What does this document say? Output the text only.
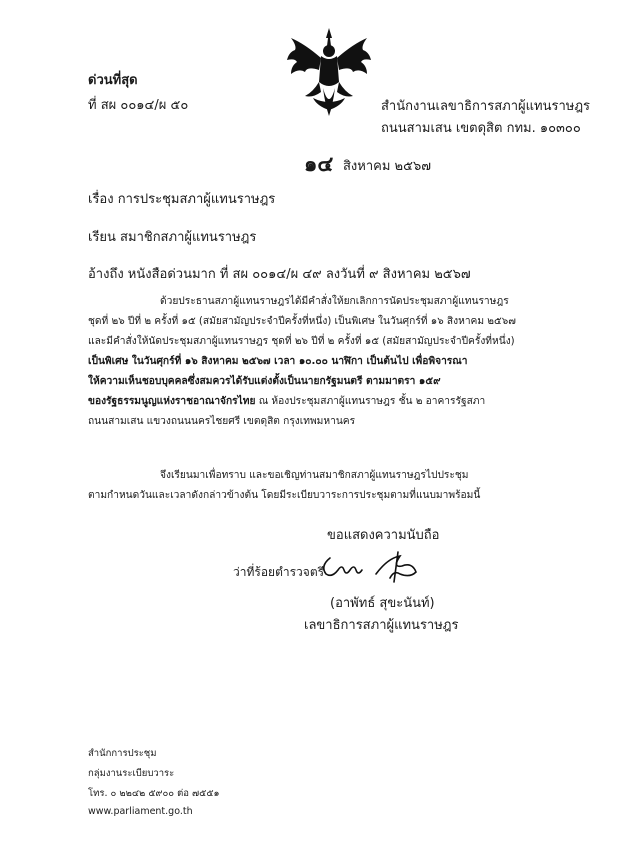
ด่วนที่สุด
ที่ สผ ๐๐๑๔/ผ ๕๐	สำนักงานเลขาธิการสภาผู้แทนราษฎร
ถนนสามเสน เขตดุสิต กทม. ๑๐๓๐๐
๑๔ สิงหาคม ๒๕๖๗
เรื่อง การประชุมสภาผู้แทนราษฎร
เรียน สมาชิกสภาผู้แทนราษฎร
อ้างถึง หนังสือด่วนมาก ที่ สผ ๐๐๑๔/ผ ๔๙ ลงวันที่ ๙ สิงหาคม ๒๕๖๗
ด้วยประธานสภาผู้แทนราษฎรได้มีคำสั่งให้ยกเลิกการนัดประชุมสภาผู้แทนราษฎร
ชุดที่ ๒๖ ปีที่ ๒ ครั้งที่ ๑๕ (สมัยสามัญประจำปีครั้งที่หนึ่ง) เป็นพิเศษ ในวันศุกร์ที่ ๑๖ สิงหาคม ๒๕๖๗
และมีคำสั่งให้นัดประชุมสภาผู้แทนราษฎร ชุดที่ ๒๖ ปีที่ ๒ ครั้งที่ ๑๕ (สมัยสามัญประจำปีครั้งที่หนึ่ง)
เป็นพิเศษ ในวันศุกร์ที่ ๑๖ สิงหาคม ๒๕๖๗ เวลา ๑๐.๐๐ นาฬิกา เป็นต้นไป เพื่อพิจารณา
ให้ความเห็นชอบบุคคลซึ่งสมควรได้รับแต่งตั้งเป็นนายกรัฐมนตรี ตามมาตรา ๑๕๙
ของรัฐธรรมนูญแห่งราชอาณาจักรไทย ณ ห้องประชุมสภาผู้แทนราษฎร ชั้น ๒ อาคารรัฐสภา
ถนนสามเสน แขวงถนนนครไชยศรี เขตดุสิต กรุงเทพมหานคร
จึงเรียนมาเพื่อทราบ และขอเชิญท่านสมาชิกสภาผู้แทนราษฎรไปประชุม
ตามกำหนดวันและเวลาดังกล่าวข้างต้น โดยมีระเบียบวาระการประชุมตามที่แนบมาพร้อมนี้
ขอแสดงความนับถือ
ว่าที่ร้อยตำรวจตรี
(อาพัทธ์ สุขะนันท์)
เลขาธิการสภาผู้แทนราษฎร
สำนักการประชุม
กลุ่มงานระเบียบวาระ
โทร. ๐ ๒๒๔๒ ๕๙๐๐ ต่อ ๗๕๕๑
www.parliament.go.th
